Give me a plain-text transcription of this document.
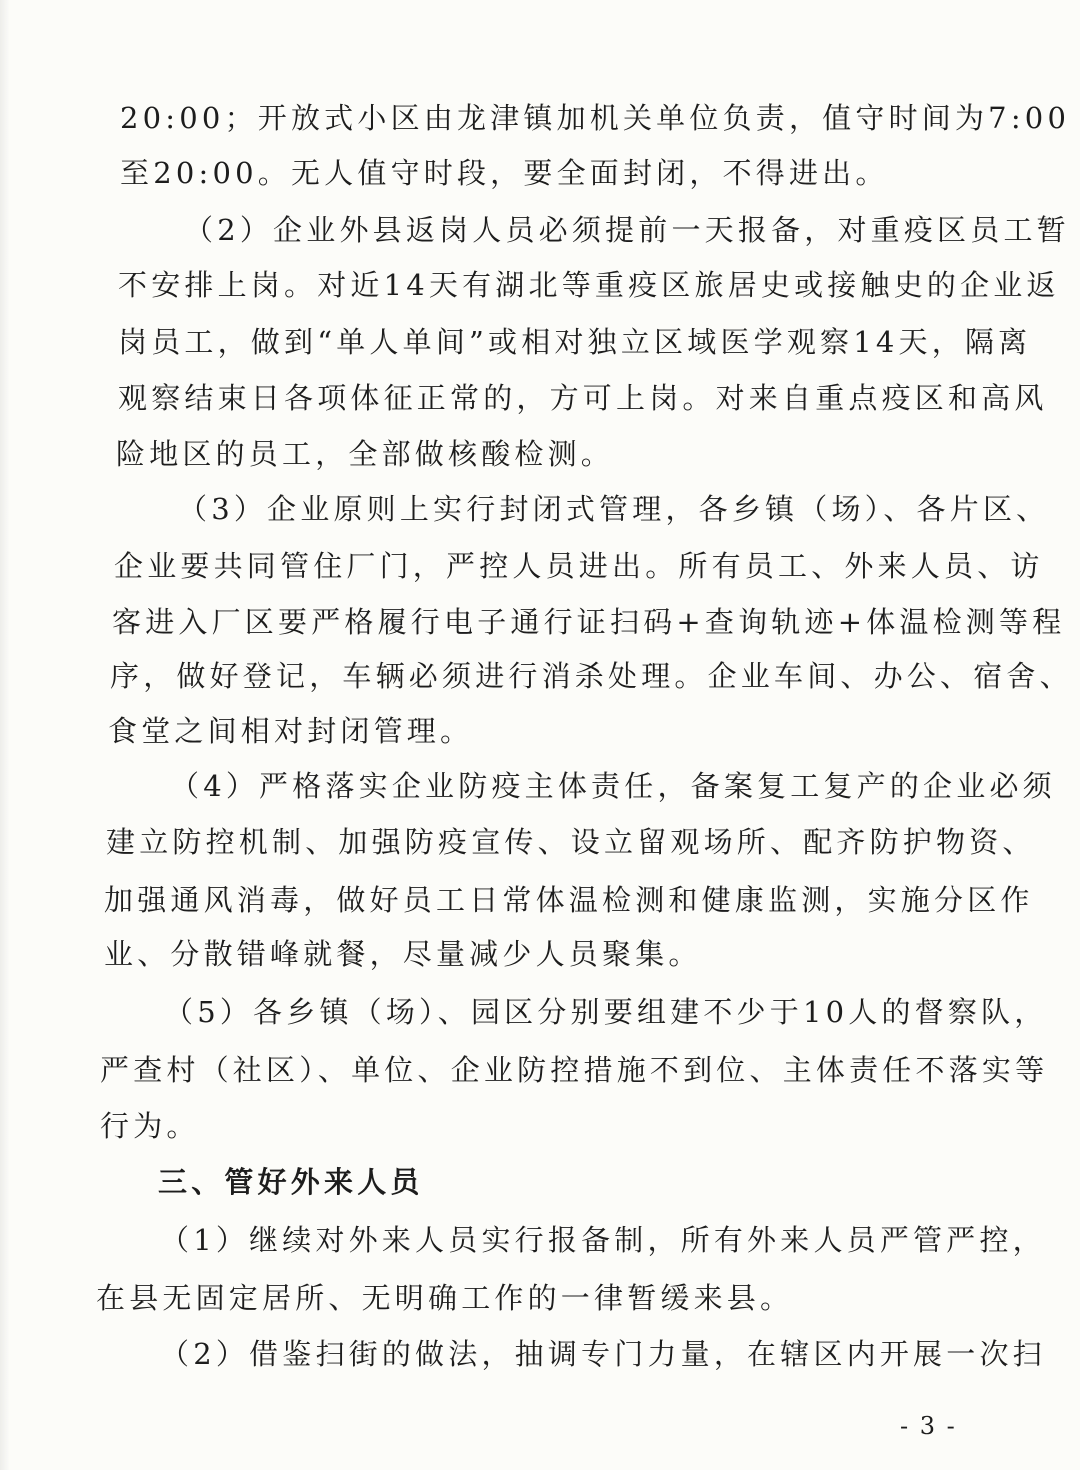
20:00；开放式小区由龙津镇加机关单位负责，值守时间为7:00
至20:00。无人值守时段，要全面封闭，不得进出。
（2）企业外县返岗人员必须提前一天报备，对重疫区员工暂
不安排上岗。对近14天有湖北等重疫区旅居史或接触史的企业返
岗员工，做到“单人单间”或相对独立区域医学观察14天，隔离
观察结束日各项体征正常的，方可上岗。对来自重点疫区和高风
险地区的员工，全部做核酸检测。
（3）企业原则上实行封闭式管理，各乡镇（场）、各片区、
企业要共同管住厂门，严控人员进出。所有员工、外来人员、访
客进入厂区要严格履行电子通行证扫码+查询轨迹+体温检测等程
序，做好登记，车辆必须进行消杀处理。企业车间、办公、宿舍、
食堂之间相对封闭管理。
（4）严格落实企业防疫主体责任，备案复工复产的企业必须
建立防控机制、加强防疫宣传、设立留观场所、配齐防护物资、
加强通风消毒，做好员工日常体温检测和健康监测，实施分区作
业、分散错峰就餐，尽量减少人员聚集。
（5）各乡镇（场）、园区分别要组建不少于10人的督察队，
严查村（社区）、单位、企业防控措施不到位、主体责任不落实等
行为。
三、管好外来人员
（1）继续对外来人员实行报备制，所有外来人员严管严控，
在县无固定居所、无明确工作的一律暂缓来县。
（2）借鉴扫街的做法，抽调专门力量，在辖区内开展一次扫
- 3 -
